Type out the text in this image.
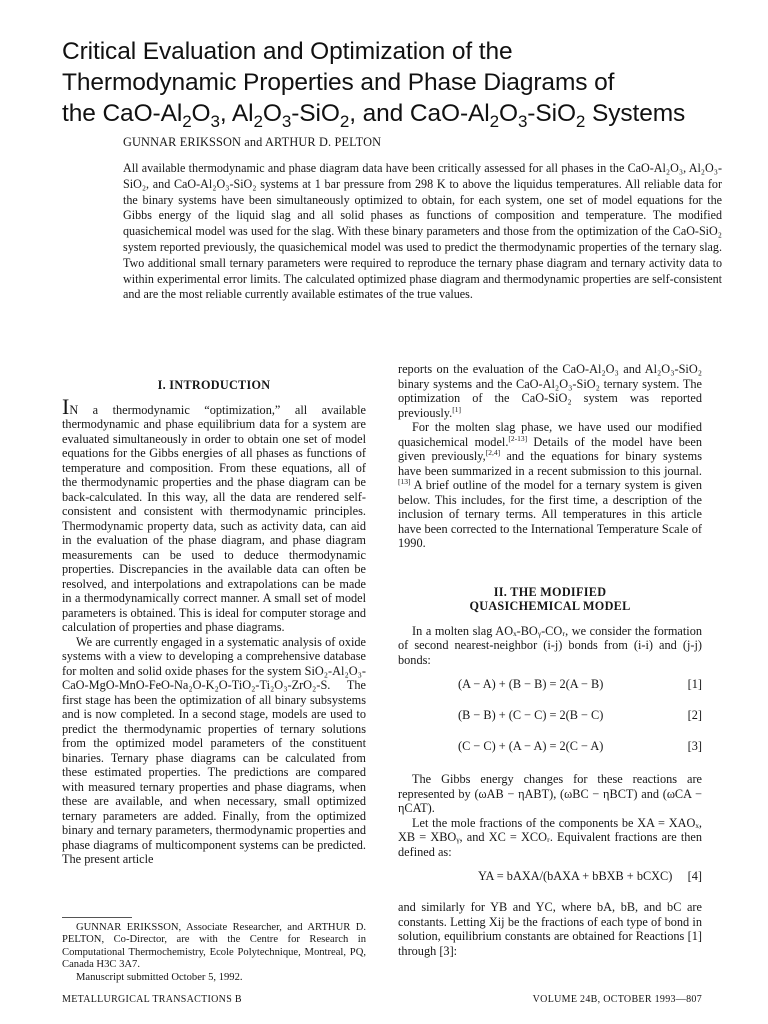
Critical Evaluation and Optimization of the
Thermodynamic Properties and Phase Diagrams of
the CaO-$Al_2O_3$, $Al_2O_3-SiO_2$, and CaO-$Al_2O_3-SiO_2$ Systems
GUNNAR ERIKSSON and ARTHUR D. PELTON
All available thermodynamic and phase diagram data have been critically assessed for all phases in the CaO-Al₂O₃, Al₂O₃-SiO₂, and CaO-Al₂O₃-SiO₂ systems at 1 bar pressure from 298 K to above the liquidus temperatures. All reliable data for the binary systems have been simultaneously optimized to obtain, for each system, one set of model equations for the Gibbs energy of the liquid slag and all solid phases as functions of composition and temperature. The modified quasichemical model was used for the slag. With these binary parameters and those from the optimization of the CaO-SiO₂ system reported previously, the quasichemical model was used to predict the thermodynamic properties of the ternary slag. Two additional small ternary parameters were required to reproduce the ternary phase diagram and ternary activity data to within experimental error limits. The calculated optimized phase diagram and thermodynamic properties are self-consistent and are the most reliable currently available estimates of the true values.
I. INTRODUCTION

IN a thermodynamic “optimization,” all available thermodynamic and phase equilibrium data for a system are evaluated simultaneously in order to obtain one set of model equations for the Gibbs energies of all phases as functions of temperature and composition. From these equations, all of the thermodynamic properties and the phase diagram can be back-calculated. In this way, all the data are rendered self-consistent and consistent with thermodynamic principles. Thermodynamic property data, such as activity data, can aid in the evaluation of the phase diagram, and phase diagram measurements can be used to deduce thermodynamic properties. Discrepancies in the available data can often be resolved, and interpolations and extrapolations can be made in a thermodynamically correct manner. A small set of model parameters is obtained. This is ideal for computer storage and calculation of properties and phase diagrams.

We are currently engaged in a systematic analysis of oxide systems with a view to developing a comprehensive database for molten and solid oxide phases for the system SiO₂-Al₂O₃-CaO-MgO-MnO-FeO-Na₂O-K₂O-TiO₂-Ti₂O₃-ZrO₂-S. The first stage has been the optimization of all binary subsystems and is now completed. In a second stage, models are used to predict the thermodynamic properties of ternary solutions from the optimized model parameters of the constituent binaries. Ternary phase diagrams can be calculated from these estimated properties. The predictions are compared with measured ternary properties and phase diagrams, when these are available, and when necessary, small optimized ternary parameters are added. Finally, from the optimized binary and ternary parameters, thermodynamic properties and phase diagrams of multicomponent systems can be predicted. The present article

reports on the evaluation of the CaO-Al₂O₃ and Al₂O₃-SiO₂ binary systems and the CaO-Al₂O₃-SiO₂ ternary system. The optimization of the CaO-SiO₂ system was reported previously.[1]

For the molten slag phase, we have used our modified quasichemical model.[2-13] Details of the model have been given previously,[2,4] and the equations for binary systems have been summarized in a recent submission to this journal.[13] A brief outline of the model for a ternary system is given below. This includes, for the first time, a description of the inclusion of ternary terms. All temperatures in this article have been corrected to the International Temperature Scale of 1990.

II. THE MODIFIED
QUASICHEMICAL MODEL

In a molten slag AOₓ-BOᵧ-COᵣ, we consider the formation of second nearest-neighbor (i-j) bonds from (i-i) and (j-j) bonds:

(A − A) + (B − B) = 2(A − B)	[1]
(B − B) + (C − C) = 2(B − C)	[2]
(C − C) + (A − A) = 2(C − A)	[3]

The Gibbs energy changes for these reactions are represented by (ωAB − ηABT), (ωBC − ηBCT) and (ωCA − ηCAT).

Let the mole fractions of the components be XA = XAOₓ, XB = XBOᵧ, and XC = XCOᵣ. Equivalent fractions are then defined as:

YA = bAXA/(bAXA + bBXB + bCXC) [4]

and similarly for YB and YC, where bA, bB, and bC are constants. Letting Xij be the fractions of each type of bond in solution, equilibrium constants are obtained for Reactions [1] through [3]:

GUNNAR ERIKSSON, Associate Researcher, and ARTHUR D. PELTON, Co-Director, are with the Centre for Research in Computational Thermochemistry, Ecole Polytechnique, Montreal, PQ, Canada H3C 3A7.

Manuscript submitted October 5, 1992.

METALLURGICAL TRANSACTIONS B	VOLUME 24B, OCTOBER 1993—807
